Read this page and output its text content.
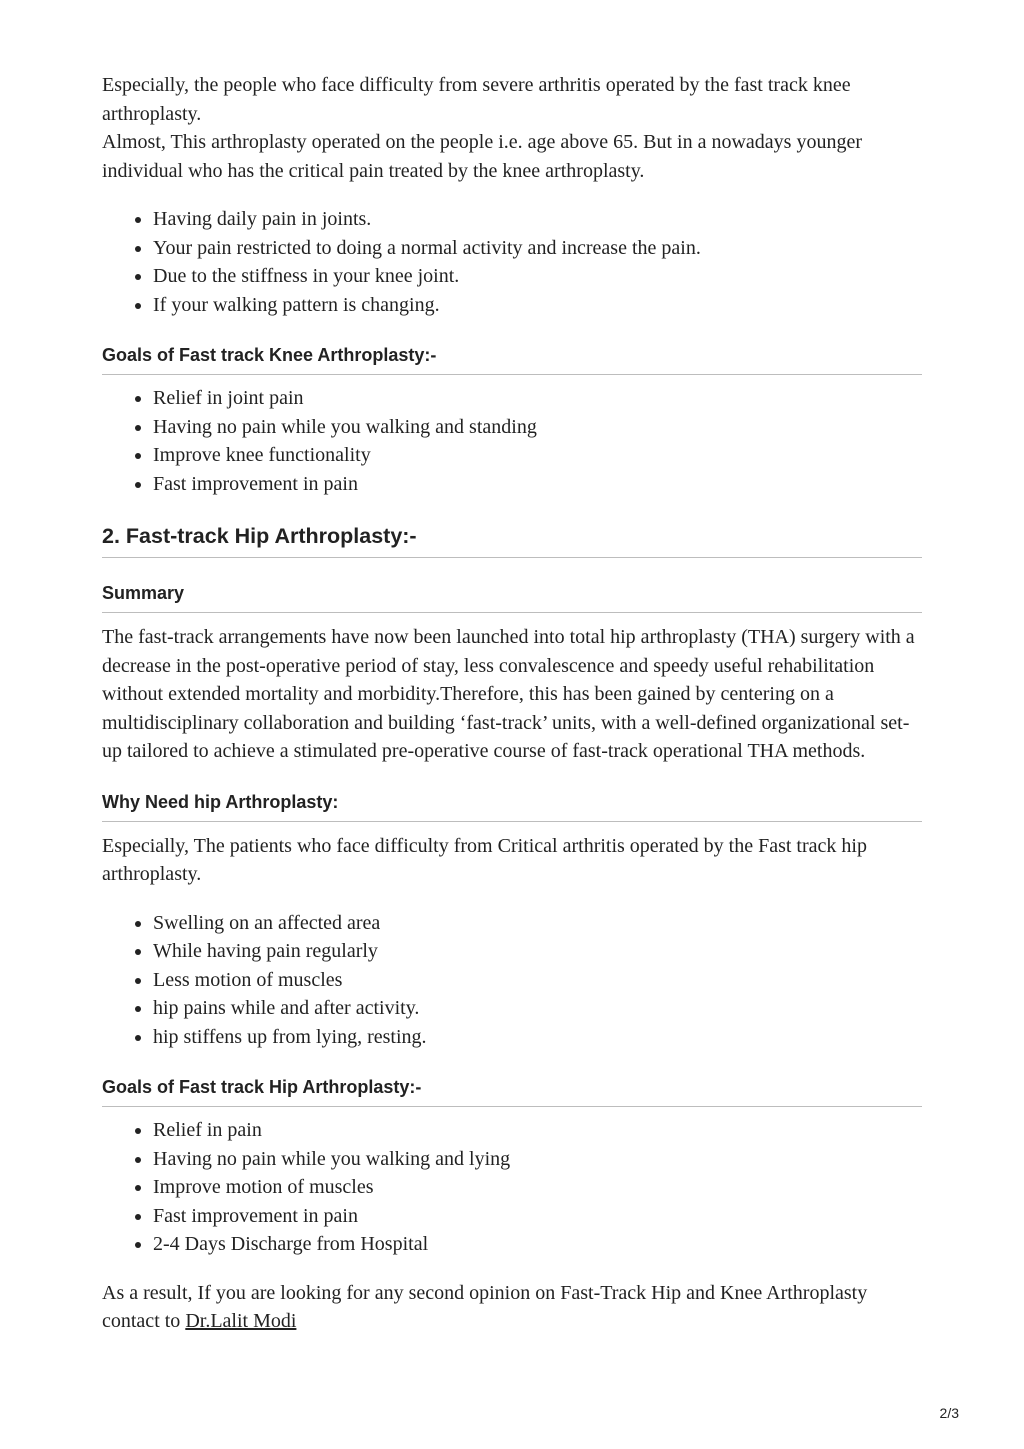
Especially, the people who face difficulty from severe arthritis operated by the fast track knee arthroplasty.

Almost, This arthroplasty operated on the people i.e. age above 65. But in a nowadays younger individual who has the critical pain treated by the knee arthroplasty.

• Having daily pain in joints.
• Your pain restricted to doing a normal activity and increase the pain.
• Due to the stiffness in your knee joint.
• If your walking pattern is changing.
Goals of Fast track Knee Arthroplasty:-
• Relief in joint pain
• Having no pain while you walking and standing
• Improve knee functionality
• Fast improvement in pain
2. Fast-track Hip Arthroplasty:-
Summary

The fast-track arrangements have now been launched into total hip arthroplasty (THA) surgery with a decrease in the post-operative period of stay, less convalescence and speedy useful rehabilitation without extended mortality and morbidity.Therefore, this has been gained by centering on a multidisciplinary collaboration and building ‘fast-track’ units, with a well-defined organizational set-up tailored to achieve a stimulated pre-operative course of fast-track operational THA methods.

Why Need hip Arthroplasty:

Especially, The patients who face difficulty from Critical arthritis operated by the Fast track hip arthroplasty.

• Swelling on an affected area
• While having pain regularly
• Less motion of muscles
• hip pains while and after activity.
• hip stiffens up from lying, resting.
Goals of Fast track Hip Arthroplasty:-
• Relief in pain
• Having no pain while you walking and lying
• Improve motion of muscles
• Fast improvement in pain
• 2-4 Days Discharge from Hospital

As a result, If you are looking for any second opinion on Fast-Track Hip and Knee Arthroplasty contact to Dr.Lalit Modi

2/3
